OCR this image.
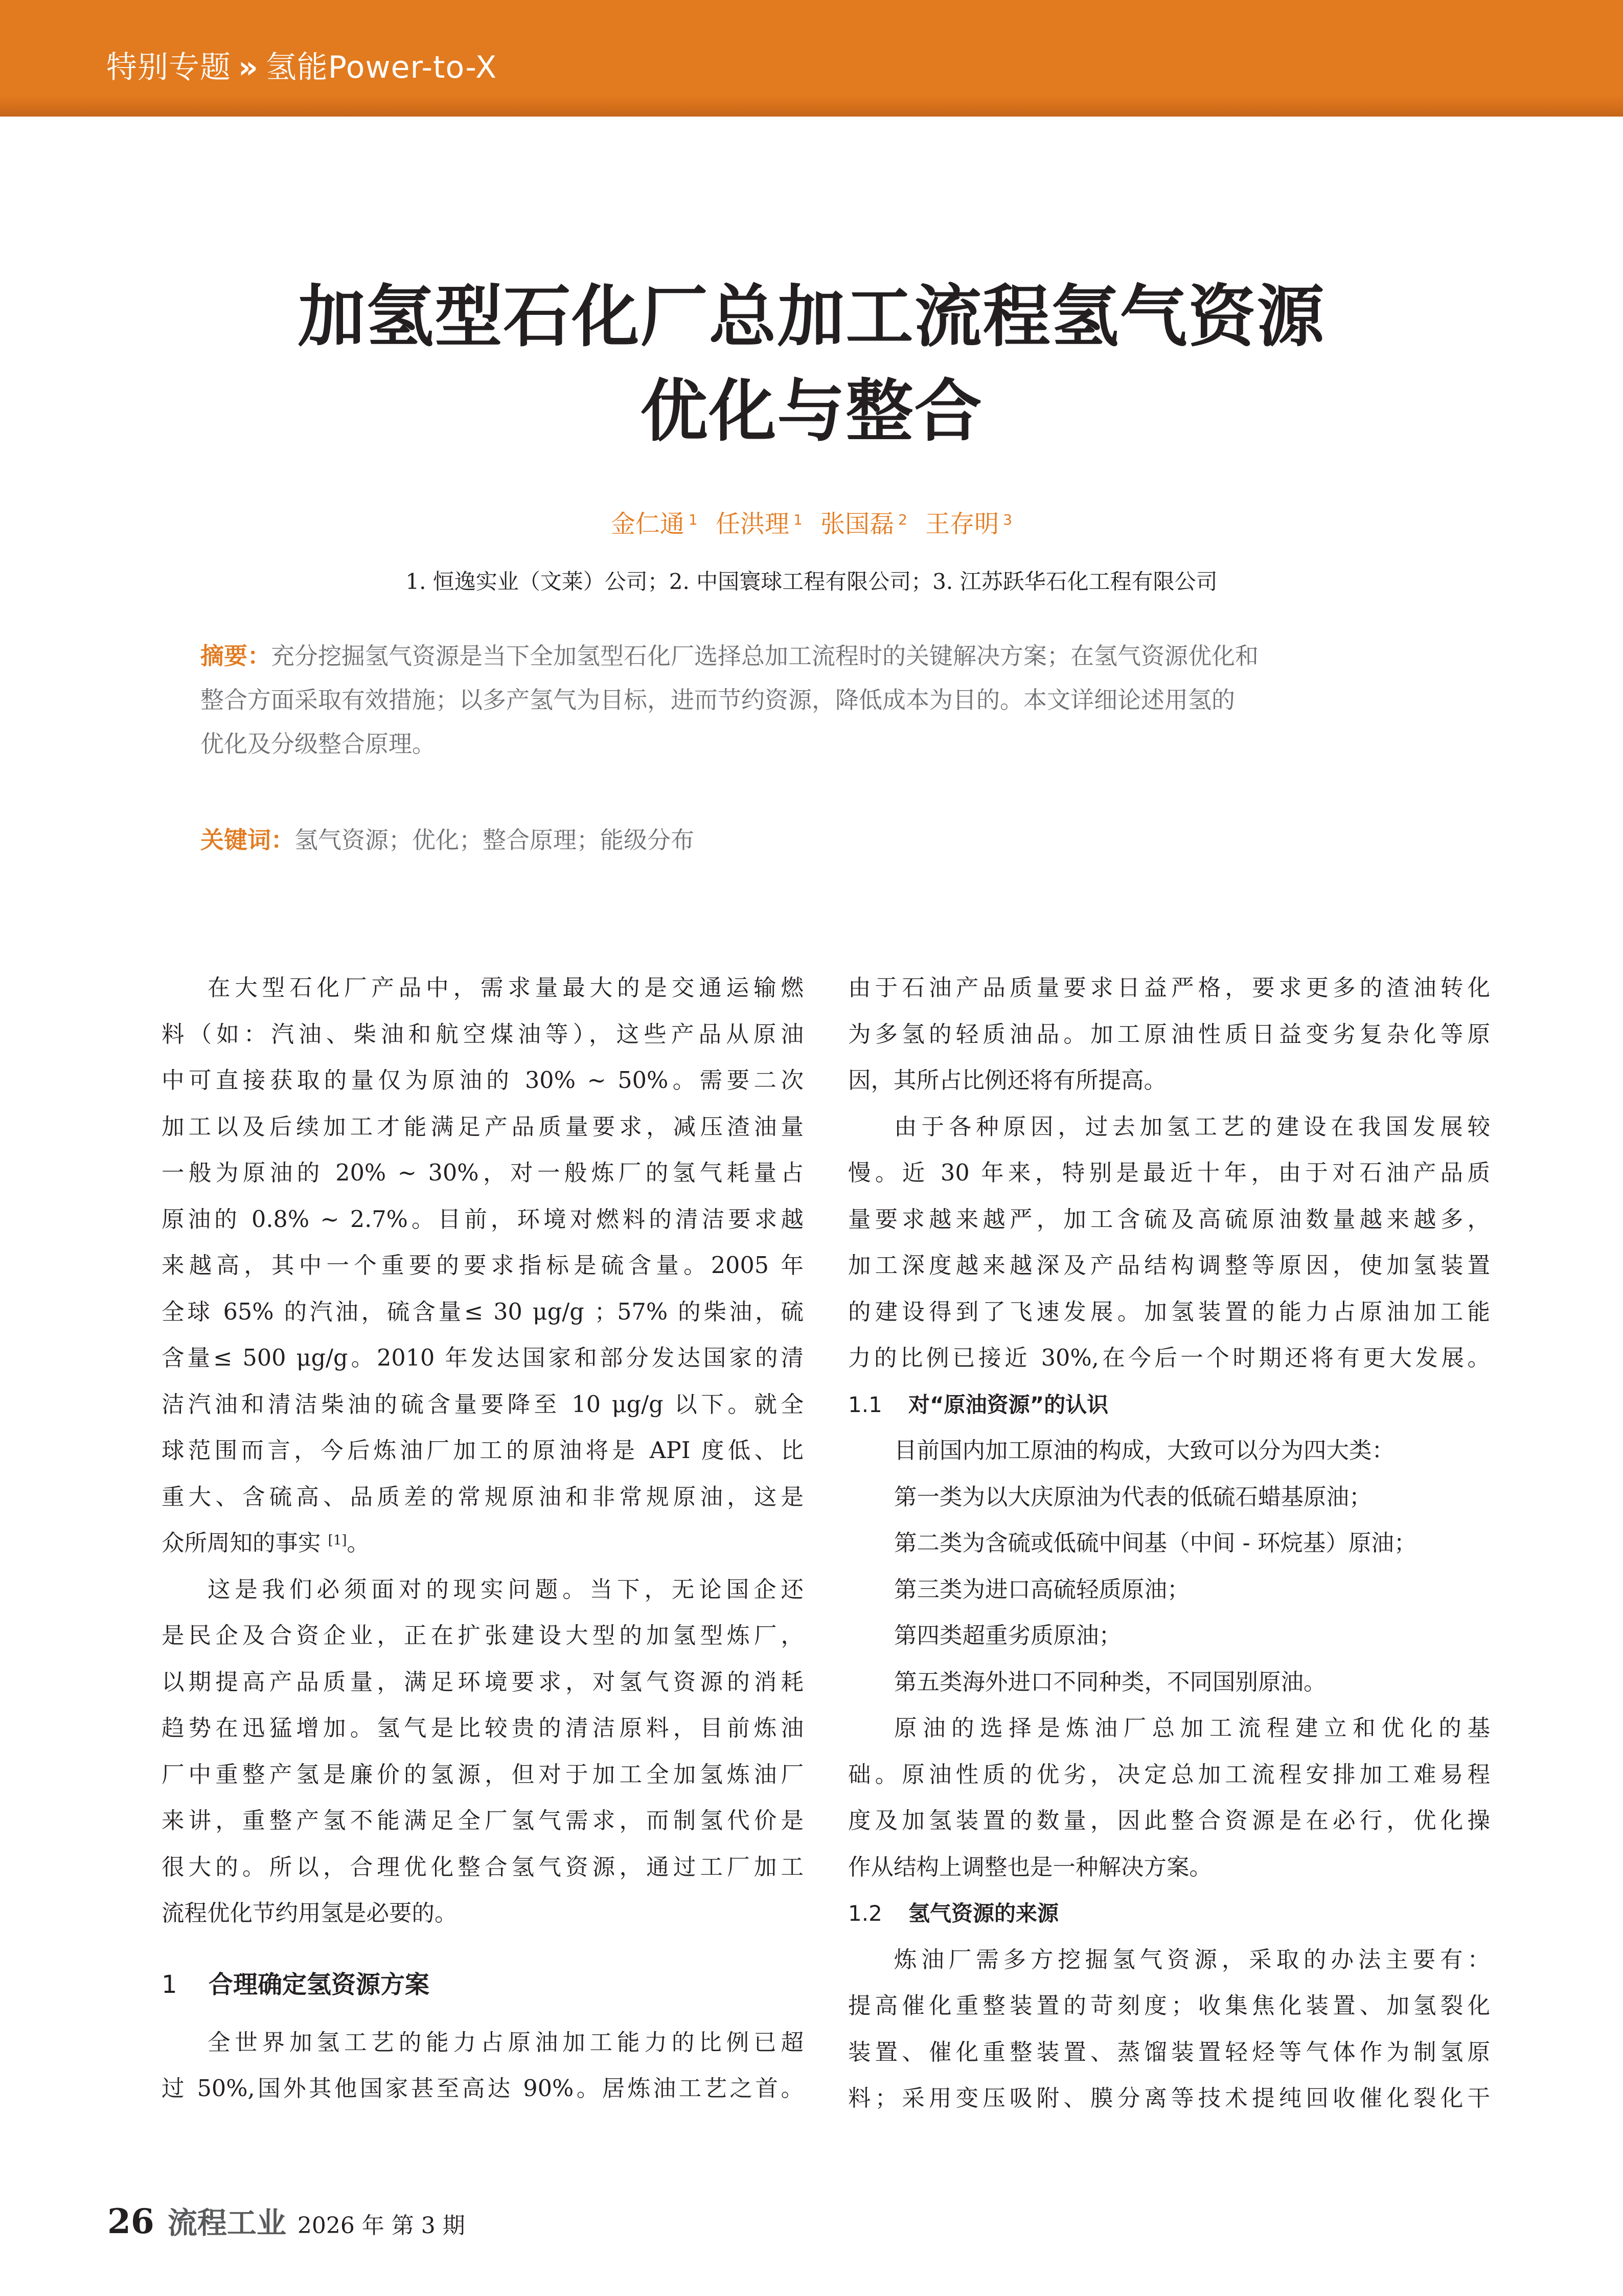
特别专题 » 氢能Power-to-X
加氢型石化厂总加工流程氢气资源
优化与整合
金仁通 $^1$ 任洪理 $^1$ 张国磊 $^2$ 王存明 $^3$
1. 恒逸实业（文莱）公司；2. 中国寰球工程有限公司；3. 江苏跃华石化工程有限公司
摘要：充分挖掘氢气资源是当下全加氢型石化厂选择总加工流程时的关键解决方案；在氢气资源优化和
整合方面采取有效措施；以多产氢气为目标，进而节约资源，降低成本为目的。本文详细论述用氢的
优化及分级整合原理。
关键词：氢气资源；优化；整合原理；能级分布
在大型石化厂产品中，需求量最大的是交通运输燃
料（如：汽油、柴油和航空煤油等），这些产品从原油
中可直接获取的量仅为原油的 30% ~ 50%。需要二次
加工以及后续加工才能满足产品质量要求，减压渣油量
一般为原油的 20% ~ 30%，对一般炼厂的氢气耗量占
原油的 0.8% ~ 2.7%。目前，环境对燃料的清洁要求越
来越高，其中一个重要的要求指标是硫含量。2005 年
全球 65% 的汽油，硫含量≤ 30 μg/g ；57% 的柴油，硫
含量≤ 500 μg/g。2010 年发达国家和部分发达国家的清
洁汽油和清洁柴油的硫含量要降至 10 μg/g 以下。就全
球范围而言，今后炼油厂加工的原油将是 API 度低、比
重大、含硫高、品质差的常规原油和非常规原油，这是
众所周知的事实 [1]。
这是我们必须面对的现实问题。当下，无论国企还
是民企及合资企业，正在扩张建设大型的加氢型炼厂，
以期提高产品质量，满足环境要求，对氢气资源的消耗
趋势在迅猛增加。氢气是比较贵的清洁原料，目前炼油
厂中重整产氢是廉价的氢源，但对于加工全加氢炼油厂
来讲，重整产氢不能满足全厂氢气需求，而制氢代价是
很大的。所以，合理优化整合氢气资源，通过工厂加工
流程优化节约用氢是必要的。
1 合理确定氢资源方案
全世界加氢工艺的能力占原油加工能力的比例已超
过 50%,国外其他国家甚至高达 90%。居炼油工艺之首。
由于石油产品质量要求日益严格，要求更多的渣油转化
为多氢的轻质油品。加工原油性质日益变劣复杂化等原
因，其所占比例还将有所提高。
由于各种原因，过去加氢工艺的建设在我国发展较
慢。近 30 年来，特别是最近十年，由于对石油产品质
量要求越来越严，加工含硫及高硫原油数量越来越多，
加工深度越来越深及产品结构调整等原因，使加氢装置
的建设得到了飞速发展。加氢装置的能力占原油加工能
力的比例已接近 30%,在今后一个时期还将有更大发展。
1.1 对“原油资源”的认识
目前国内加工原油的构成，大致可以分为四大类：
第一类为以大庆原油为代表的低硫石蜡基原油；
第二类为含硫或低硫中间基（中间 - 环烷基）原油；
第三类为进口高硫轻质原油；
第四类超重劣质原油；
第五类海外进口不同种类，不同国别原油。
原油的选择是炼油厂总加工流程建立和优化的基
础。原油性质的优劣，决定总加工流程安排加工难易程
度及加氢装置的数量，因此整合资源是在必行，优化操
作从结构上调整也是一种解决方案。
1.2 氢气资源的来源
炼油厂需多方挖掘氢气资源，采取的办法主要有：
提高催化重整装置的苛刻度；收集焦化装置、加氢裂化
装置、催化重整装置、蒸馏装置轻烃等气体作为制氢原
料；采用变压吸附、膜分离等技术提纯回收催化裂化干
26 流程工业 2026 年 第 3 期
